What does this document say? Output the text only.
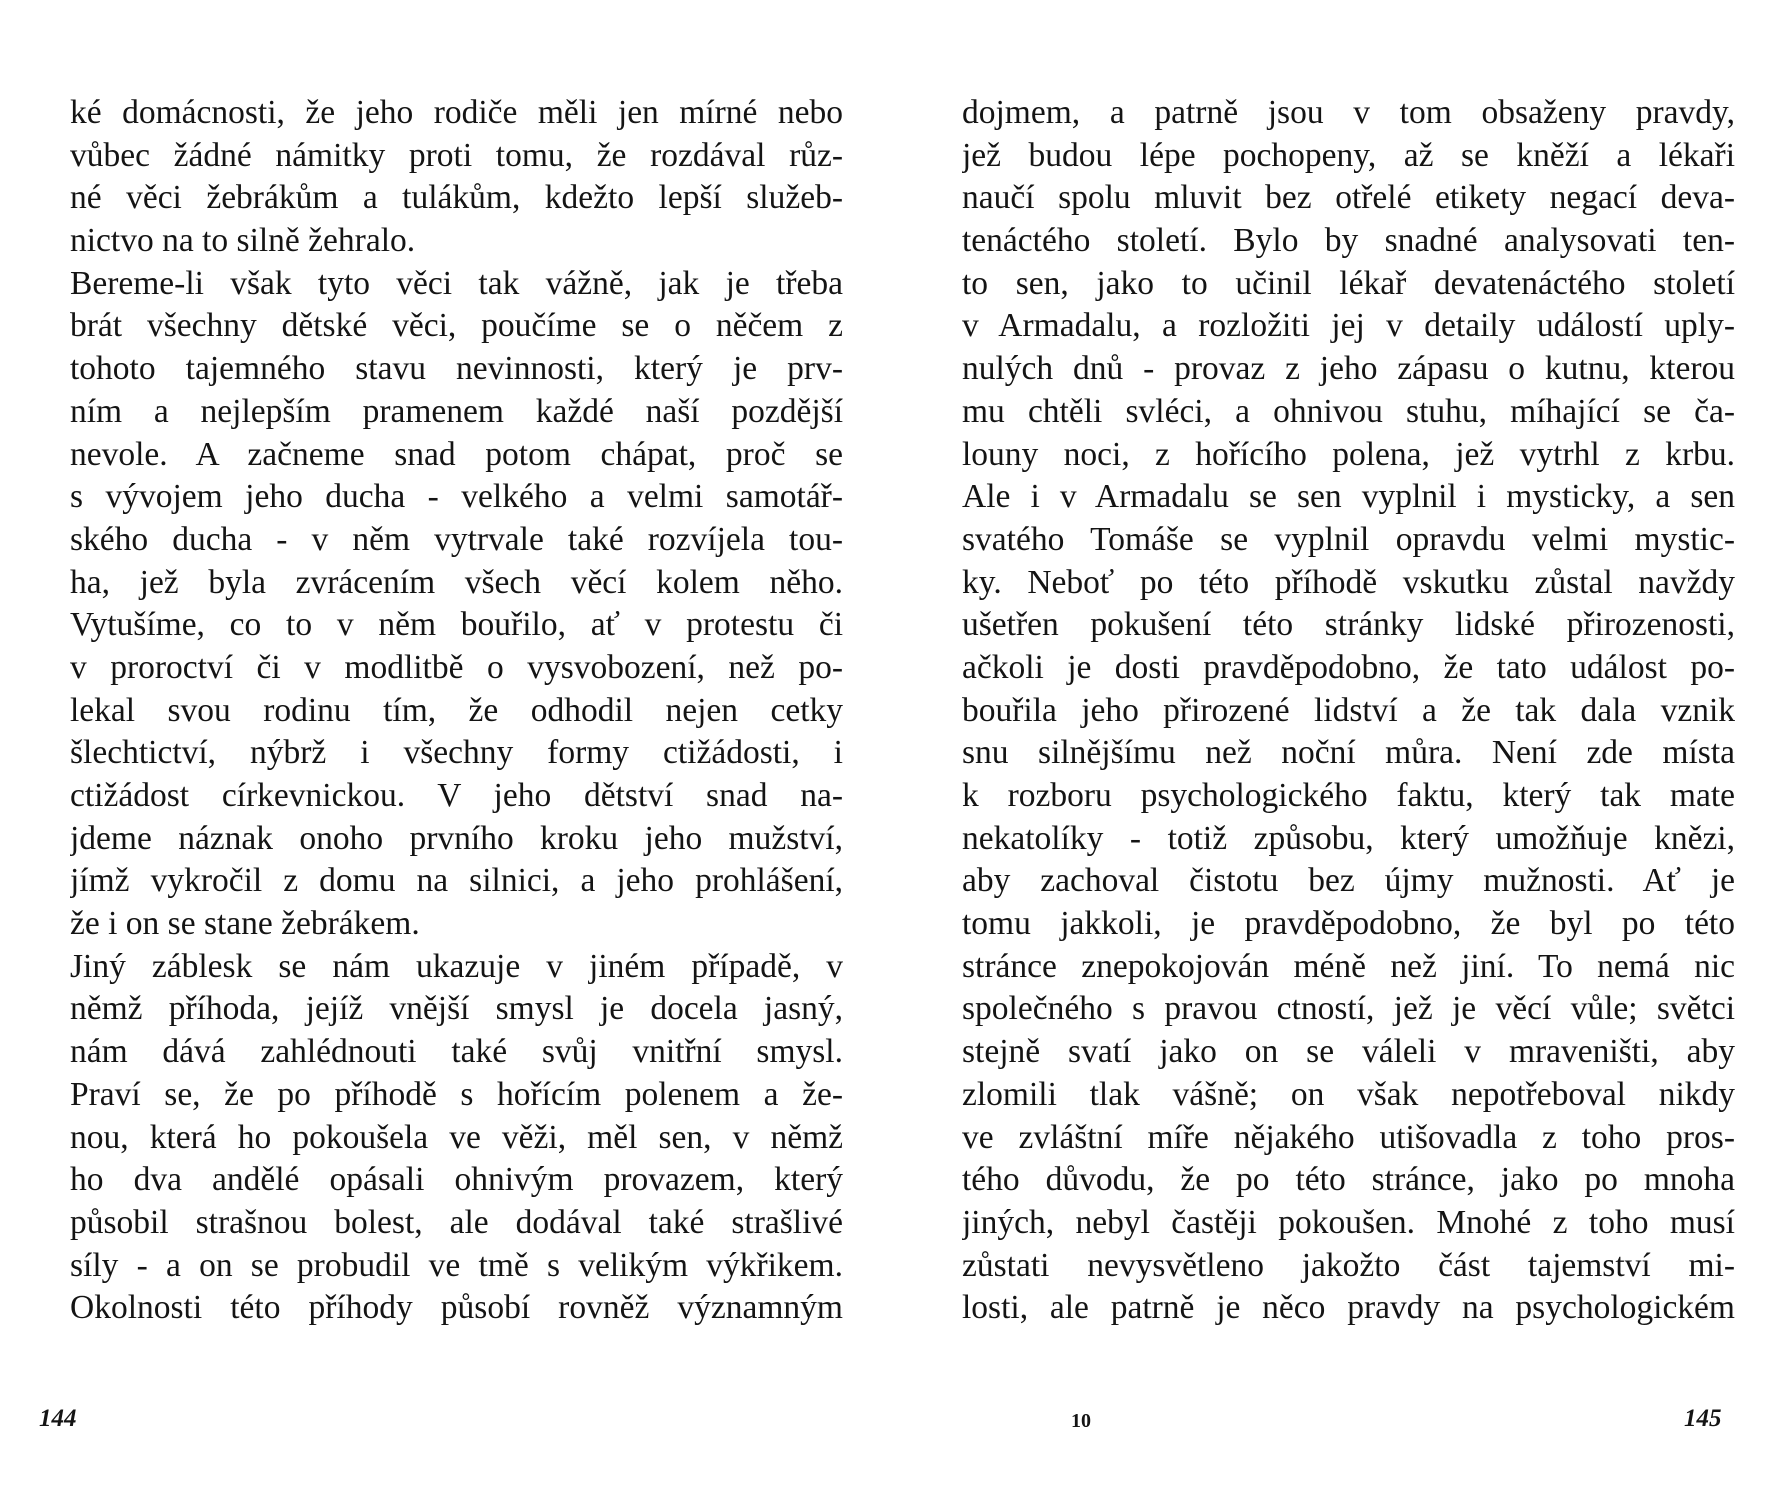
ké domácnosti, že jeho rodiče měli jen mírné nebo
vůbec žádné námitky proti tomu, že rozdával růz-
né věci žebrákům a tulákům, kdežto lepší služeb-
nictvo na to silně žehralo.
Bereme-li však tyto věci tak vážně, jak je třeba
brát všechny dětské věci, poučíme se o něčem z
tohoto tajemného stavu nevinnosti, který je prv-
ním a nejlepším pramenem každé naší pozdější
nevole. A začneme snad potom chápat, proč se
s vývojem jeho ducha - velkého a velmi samotář-
ského ducha - v něm vytrvale také rozvíjela tou-
ha, jež byla zvrácením všech věcí kolem něho.
Vytušíme, co to v něm bouřilo, ať v protestu či
v proroctví či v modlitbě o vysvobození, než po-
lekal svou rodinu tím, že odhodil nejen cetky
šlechtictví, nýbrž i všechny formy ctižádosti, i
ctižádost církevnickou. V jeho dětství snad na-
jdeme náznak onoho prvního kroku jeho mužství,
jímž vykročil z domu na silnici, a jeho prohlášení,
že i on se stane žebrákem.
Jiný záblesk se nám ukazuje v jiném případě, v
němž příhoda, jejíž vnější smysl je docela jasný,
nám dává zahlédnouti také svůj vnitřní smysl.
Praví se, že po příhodě s hořícím polenem a že-
nou, která ho pokoušela ve věži, měl sen, v němž
ho dva andělé opásali ohnivým provazem, který
působil strašnou bolest, ale dodával také strašlivé
síly - a on se probudil ve tmě s velikým výkřikem.
Okolnosti této příhody působí rovněž významným
144
dojmem, a patrně jsou v tom obsaženy pravdy,
jež budou lépe pochopeny, až se kněží a lékaři
naučí spolu mluvit bez otřelé etikety negací deva-
tenáctého století. Bylo by snadné analysovati ten-
to sen, jako to učinil lékař devatenáctého století
v Armadalu, a rozložiti jej v detaily událostí uply-
nulých dnů - provaz z jeho zápasu o kutnu, kterou
mu chtěli svléci, a ohnivou stuhu, míhající se ča-
louny noci, z hořícího polena, jež vytrhl z krbu.
Ale i v Armadalu se sen vyplnil i mysticky, a sen
svatého Tomáše se vyplnil opravdu velmi mystic-
ky. Neboť po této příhodě vskutku zůstal navždy
ušetřen pokušení této stránky lidské přirozenosti,
ačkoli je dosti pravděpodobno, že tato událost po-
bouřila jeho přirozené lidství a že tak dala vznik
snu silnějšímu než noční můra. Není zde místa
k rozboru psychologického faktu, který tak mate
nekatolíky - totiž způsobu, který umožňuje knězi,
aby zachoval čistotu bez újmy mužnosti. Ať je
tomu jakkoli, je pravděpodobno, že byl po této
stránce znepokojován méně než jiní. To nemá nic
společného s pravou ctností, jež je věcí vůle; světci
stejně svatí jako on se váleli v mraveništi, aby
zlomili tlak vášně; on však nepotřeboval nikdy
ve zvláštní míře nějakého utišovadla z toho pros-
tého důvodu, že po této stránce, jako po mnoha
jiných, nebyl častěji pokoušen. Mnohé z toho musí
zůstati nevysvětleno jakožto část tajemství mi-
losti, ale patrně je něco pravdy na psychologickém
145
10
